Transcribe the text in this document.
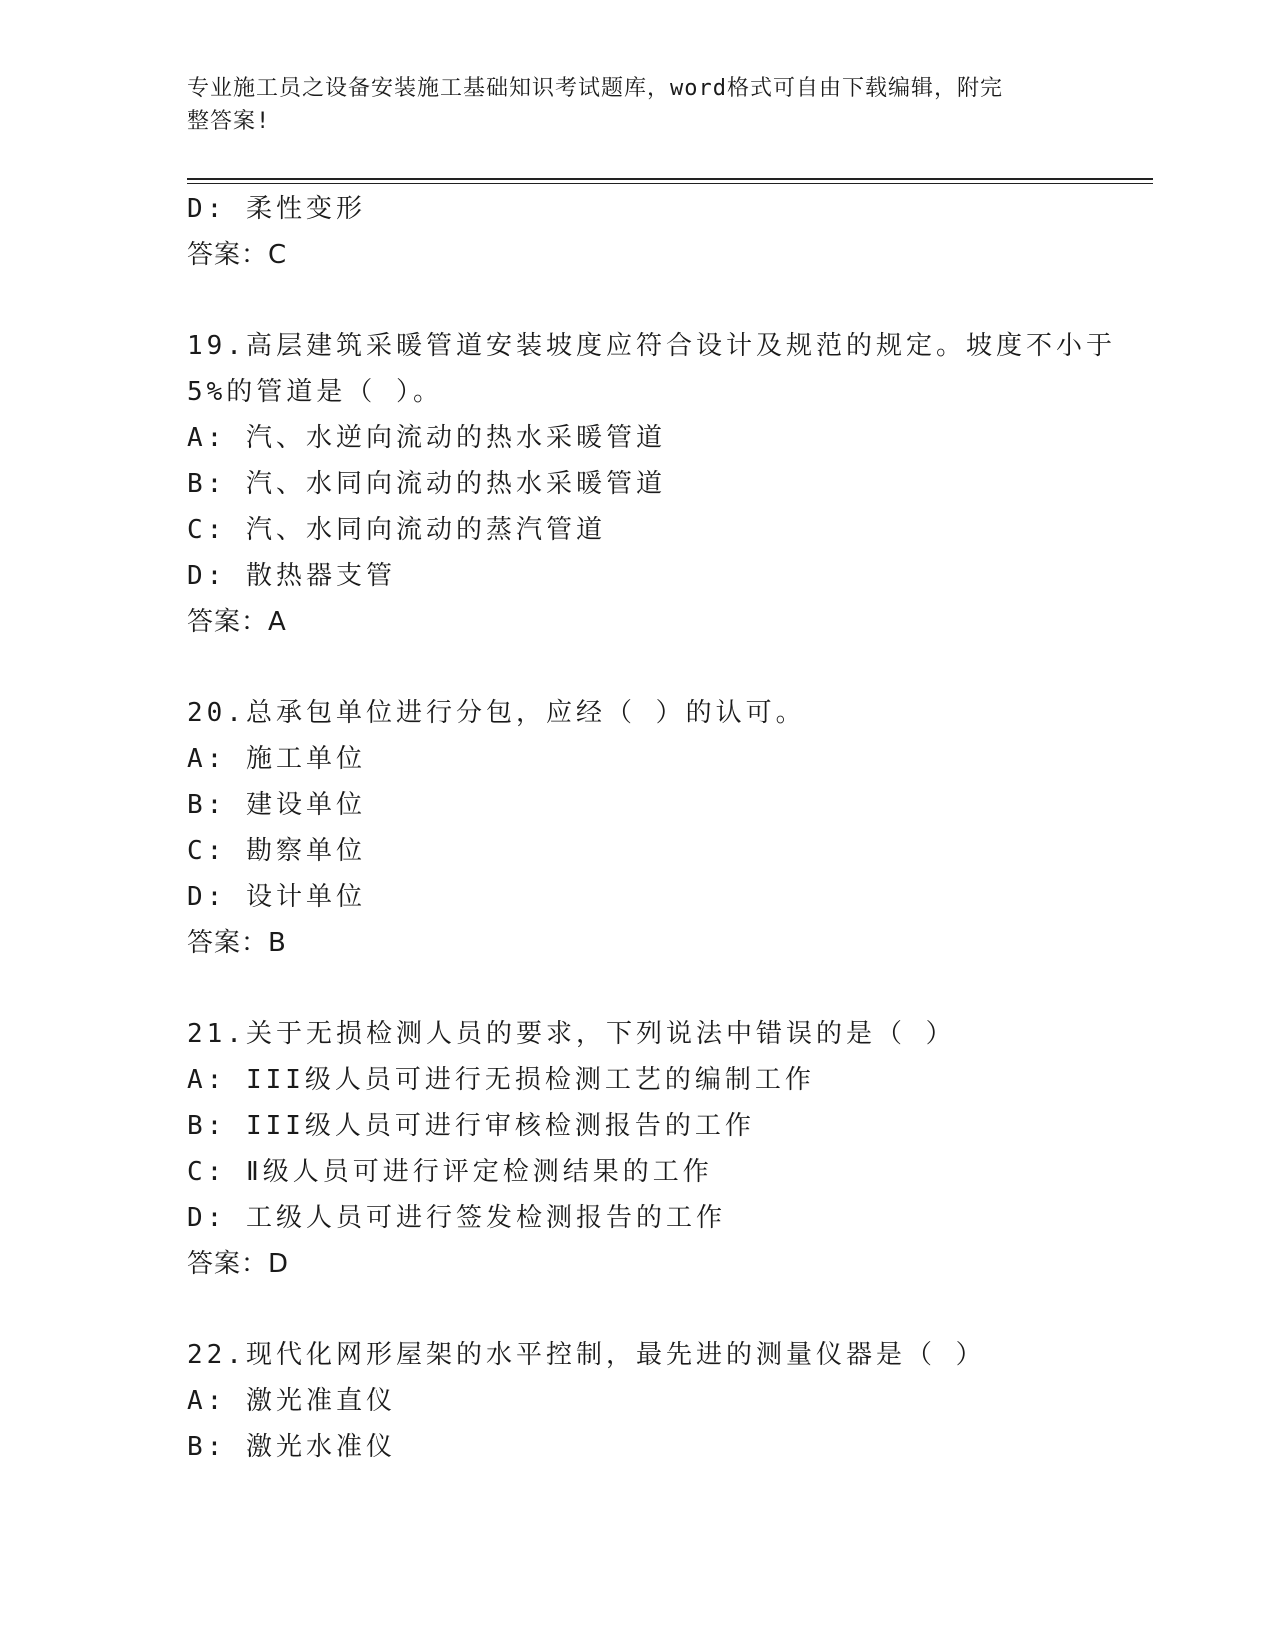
专业施工员之设备安装施工基础知识考试题库，word格式可自由下载编辑，附完
整答案!
D: 柔性变形
答案：C
19.高层建筑采暖管道安装坡度应符合设计及规范的规定。坡度不小于
5%的管道是（ ）。
A: 汽、水逆向流动的热水采暖管道
B: 汽、水同向流动的热水采暖管道
C: 汽、水同向流动的蒸汽管道
D: 散热器支管
答案：A
20.总承包单位进行分包，应经（ ）的认可。
A: 施工单位
B: 建设单位
C: 勘察单位
D: 设计单位
答案：B
21.关于无损检测人员的要求，下列说法中错误的是（ ）
A: III级人员可进行无损检测工艺的编制工作
B: III级人员可进行审核检测报告的工作
C: Ⅱ级人员可进行评定检测结果的工作
D: 工级人员可进行签发检测报告的工作
答案：D
22.现代化网形屋架的水平控制，最先进的测量仪器是（ ）
A: 激光准直仪
B: 激光水准仪
